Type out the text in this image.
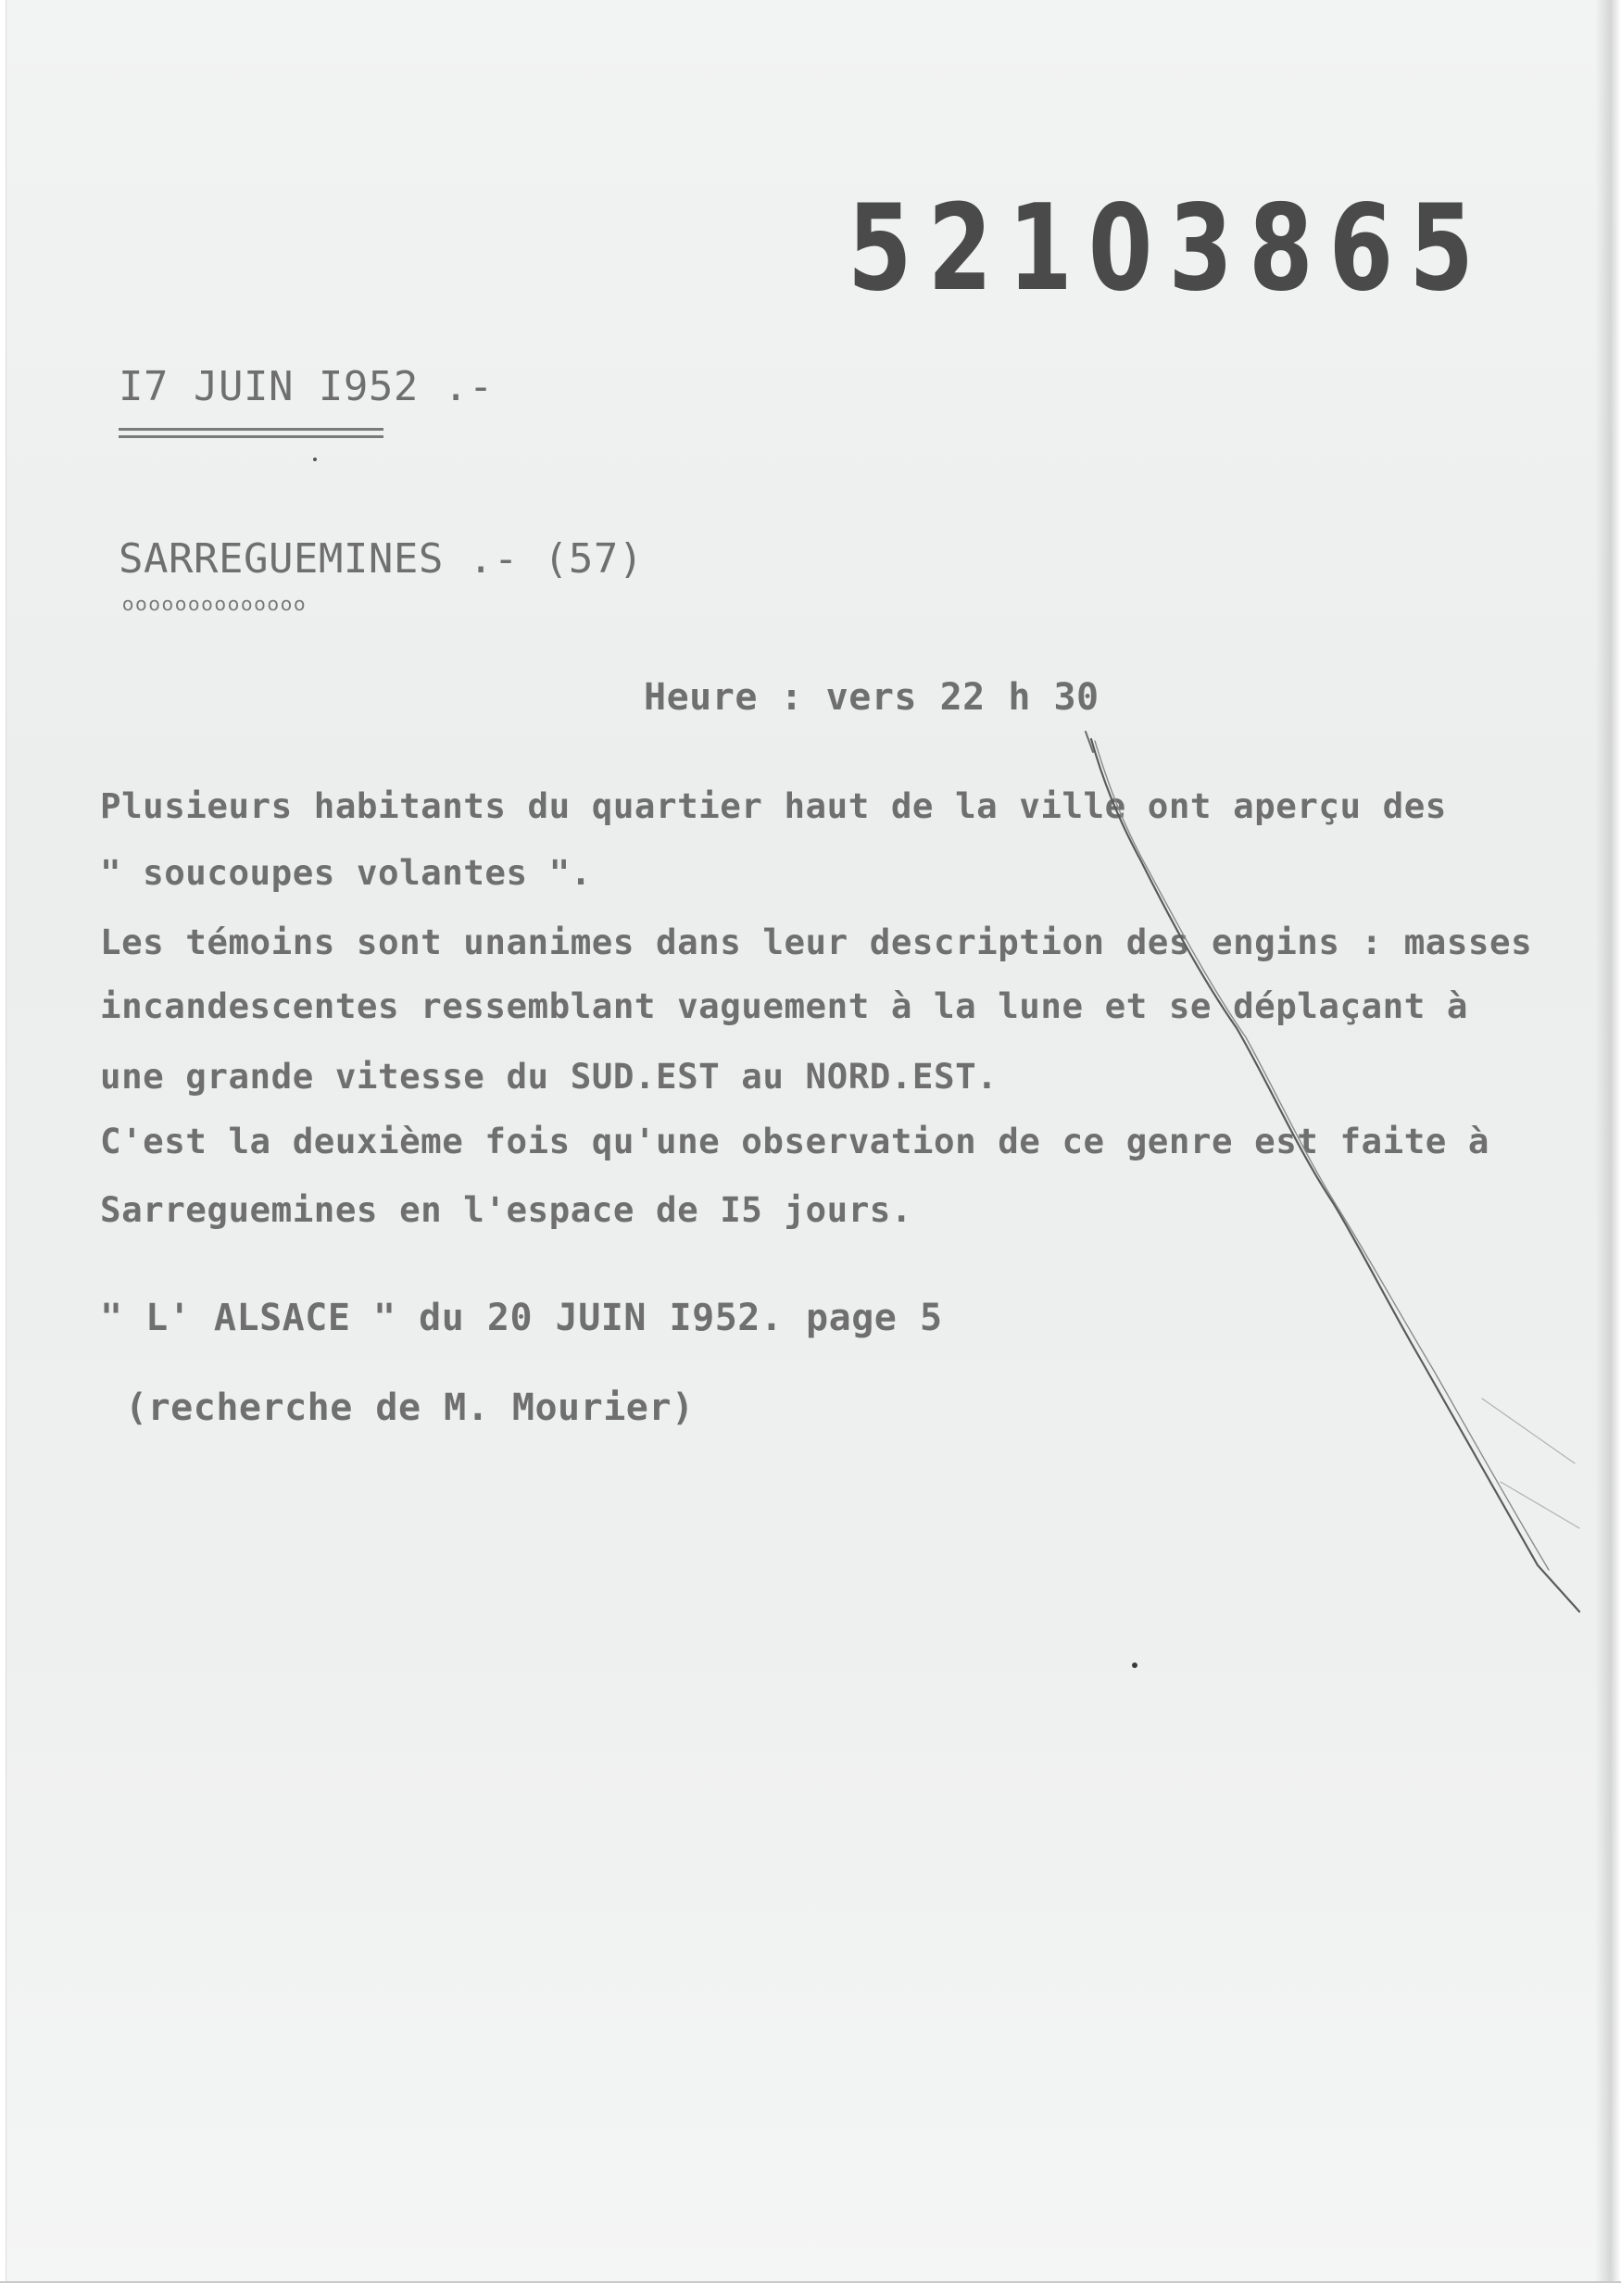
52103865

I7 JUIN I952 .-

SARREGUEMINES .- (57)

oooooooooooooo

Heure : vers 22 h 30

Plusieurs habitants du quartier haut de la ville ont aperçu des

" soucoupes volantes ".

Les témoins sont unanimes dans leur description des engins : masses

incandescentes ressemblant vaguement à la lune et se déplaçant à

une grande vitesse du SUD.EST au NORD.EST.

C'est la deuxième fois qu'une observation de ce genre est faite à

Sarreguemines en l'espace de I5 jours.

" L' ALSACE " du 20 JUIN I952. page 5

(recherche de M. Mourier)
